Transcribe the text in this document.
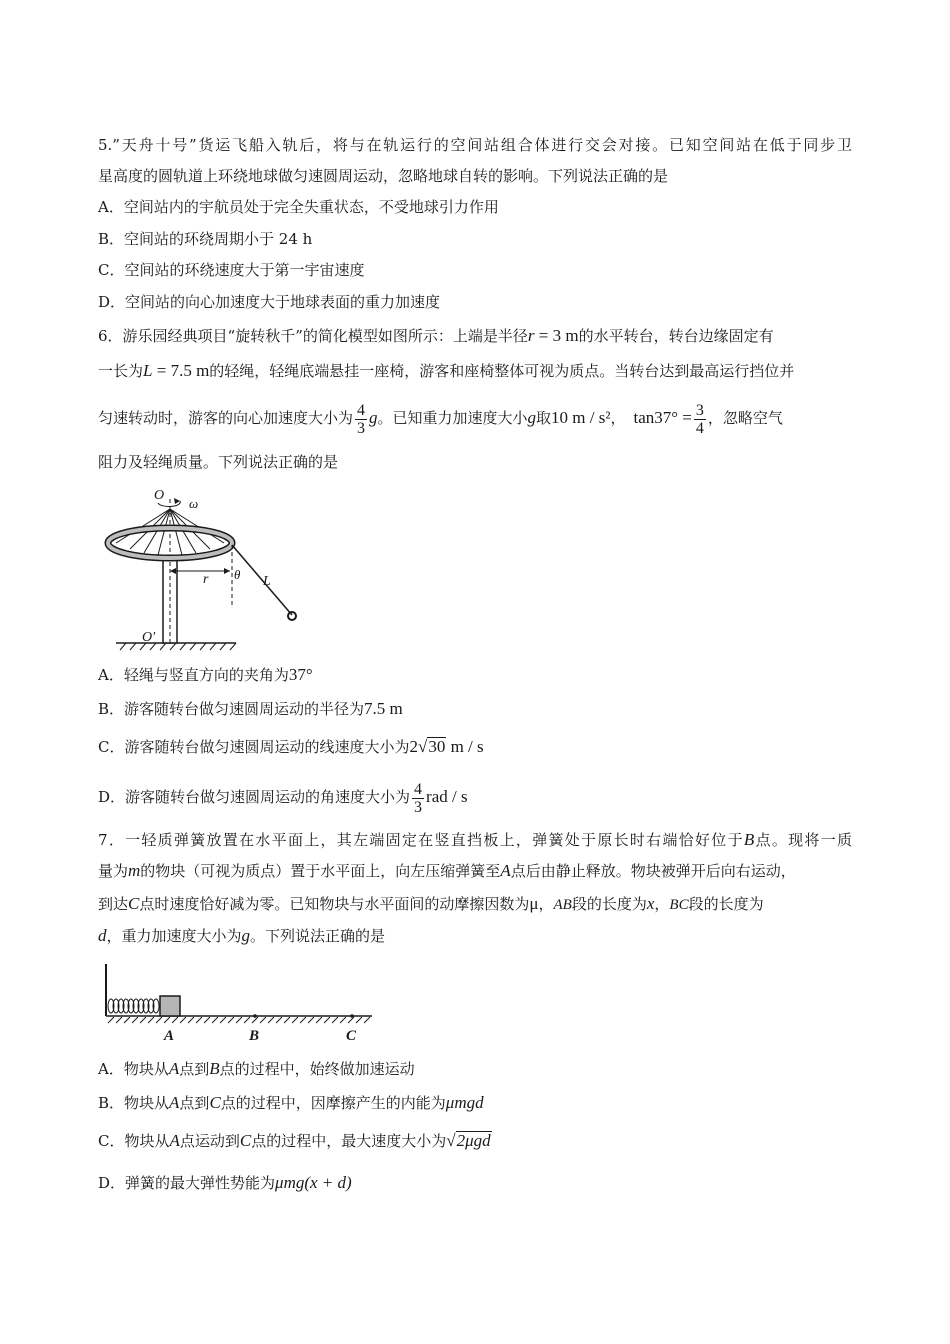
5.”天舟十号”货运飞船入轨后，将与在轨运行的空间站组合体进行交会对接。已知空间站在低于同步卫
星高度的圆轨道上环绕地球做匀速圆周运动，忽略地球自转的影响。下列说法正确的是
A．空间站内的宇航员处于完全失重状态，不受地球引力作用
B．空间站的环绕周期小于 24 h
C．空间站的环绕速度大于第一宇宙速度
D．空间站的向心加速度大于地球表面的重力加速度
6．游乐园经典项目“旋转秋千”的简化模型如图所示：上端是半径r = 3 m的水平转台，转台边缘固定有
一长为L = 7.5 m的轻绳，轻绳底端悬挂一座椅，游客和座椅整体可视为质点。当转台达到最高运行挡位并
匀速转动时，游客的向心加速度大小为 $\frac{4}{3}$ g。已知重力加速度大小g取10 m / s²， $\tan 37^\circ = \frac{3}{4}$ ，忽略空气
阻力及轻绳质量。下列说法正确的是
O
ω
r θ L
O′
A．轻绳与竖直方向的夹角为37°
B．游客随转台做匀速圆周运动的半径为7.5 m
C．游客随转台做匀速圆周运动的线速度大小为2√30 m / s
D．游客随转台做匀速圆周运动的角速度大小为 $\frac{4}{3}$ rad / s
7．一轻质弹簧放置在水平面上，其左端固定在竖直挡板上，弹簧处于原长时右端恰好位于B点。现将一质
量为m的物块（可视为质点）置于水平面上，向左压缩弹簧至A点后由静止释放。物块被弹开后向右运动，
到达C点时速度恰好减为零。已知物块与水平面间的动摩擦因数为μ，AB段的长度为x，BC段的长度为
d，重力加速度大小为g。下列说法正确的是
A	B	C
A．物块从A点到B点的过程中，始终做加速运动
B．物块从A点到C点的过程中，因摩擦产生的内能为μmgd
C．物块从A点运动到C点的过程中，最大速度大小为√2μgd
D．弹簧的最大弹性势能为μmg(x + d)
